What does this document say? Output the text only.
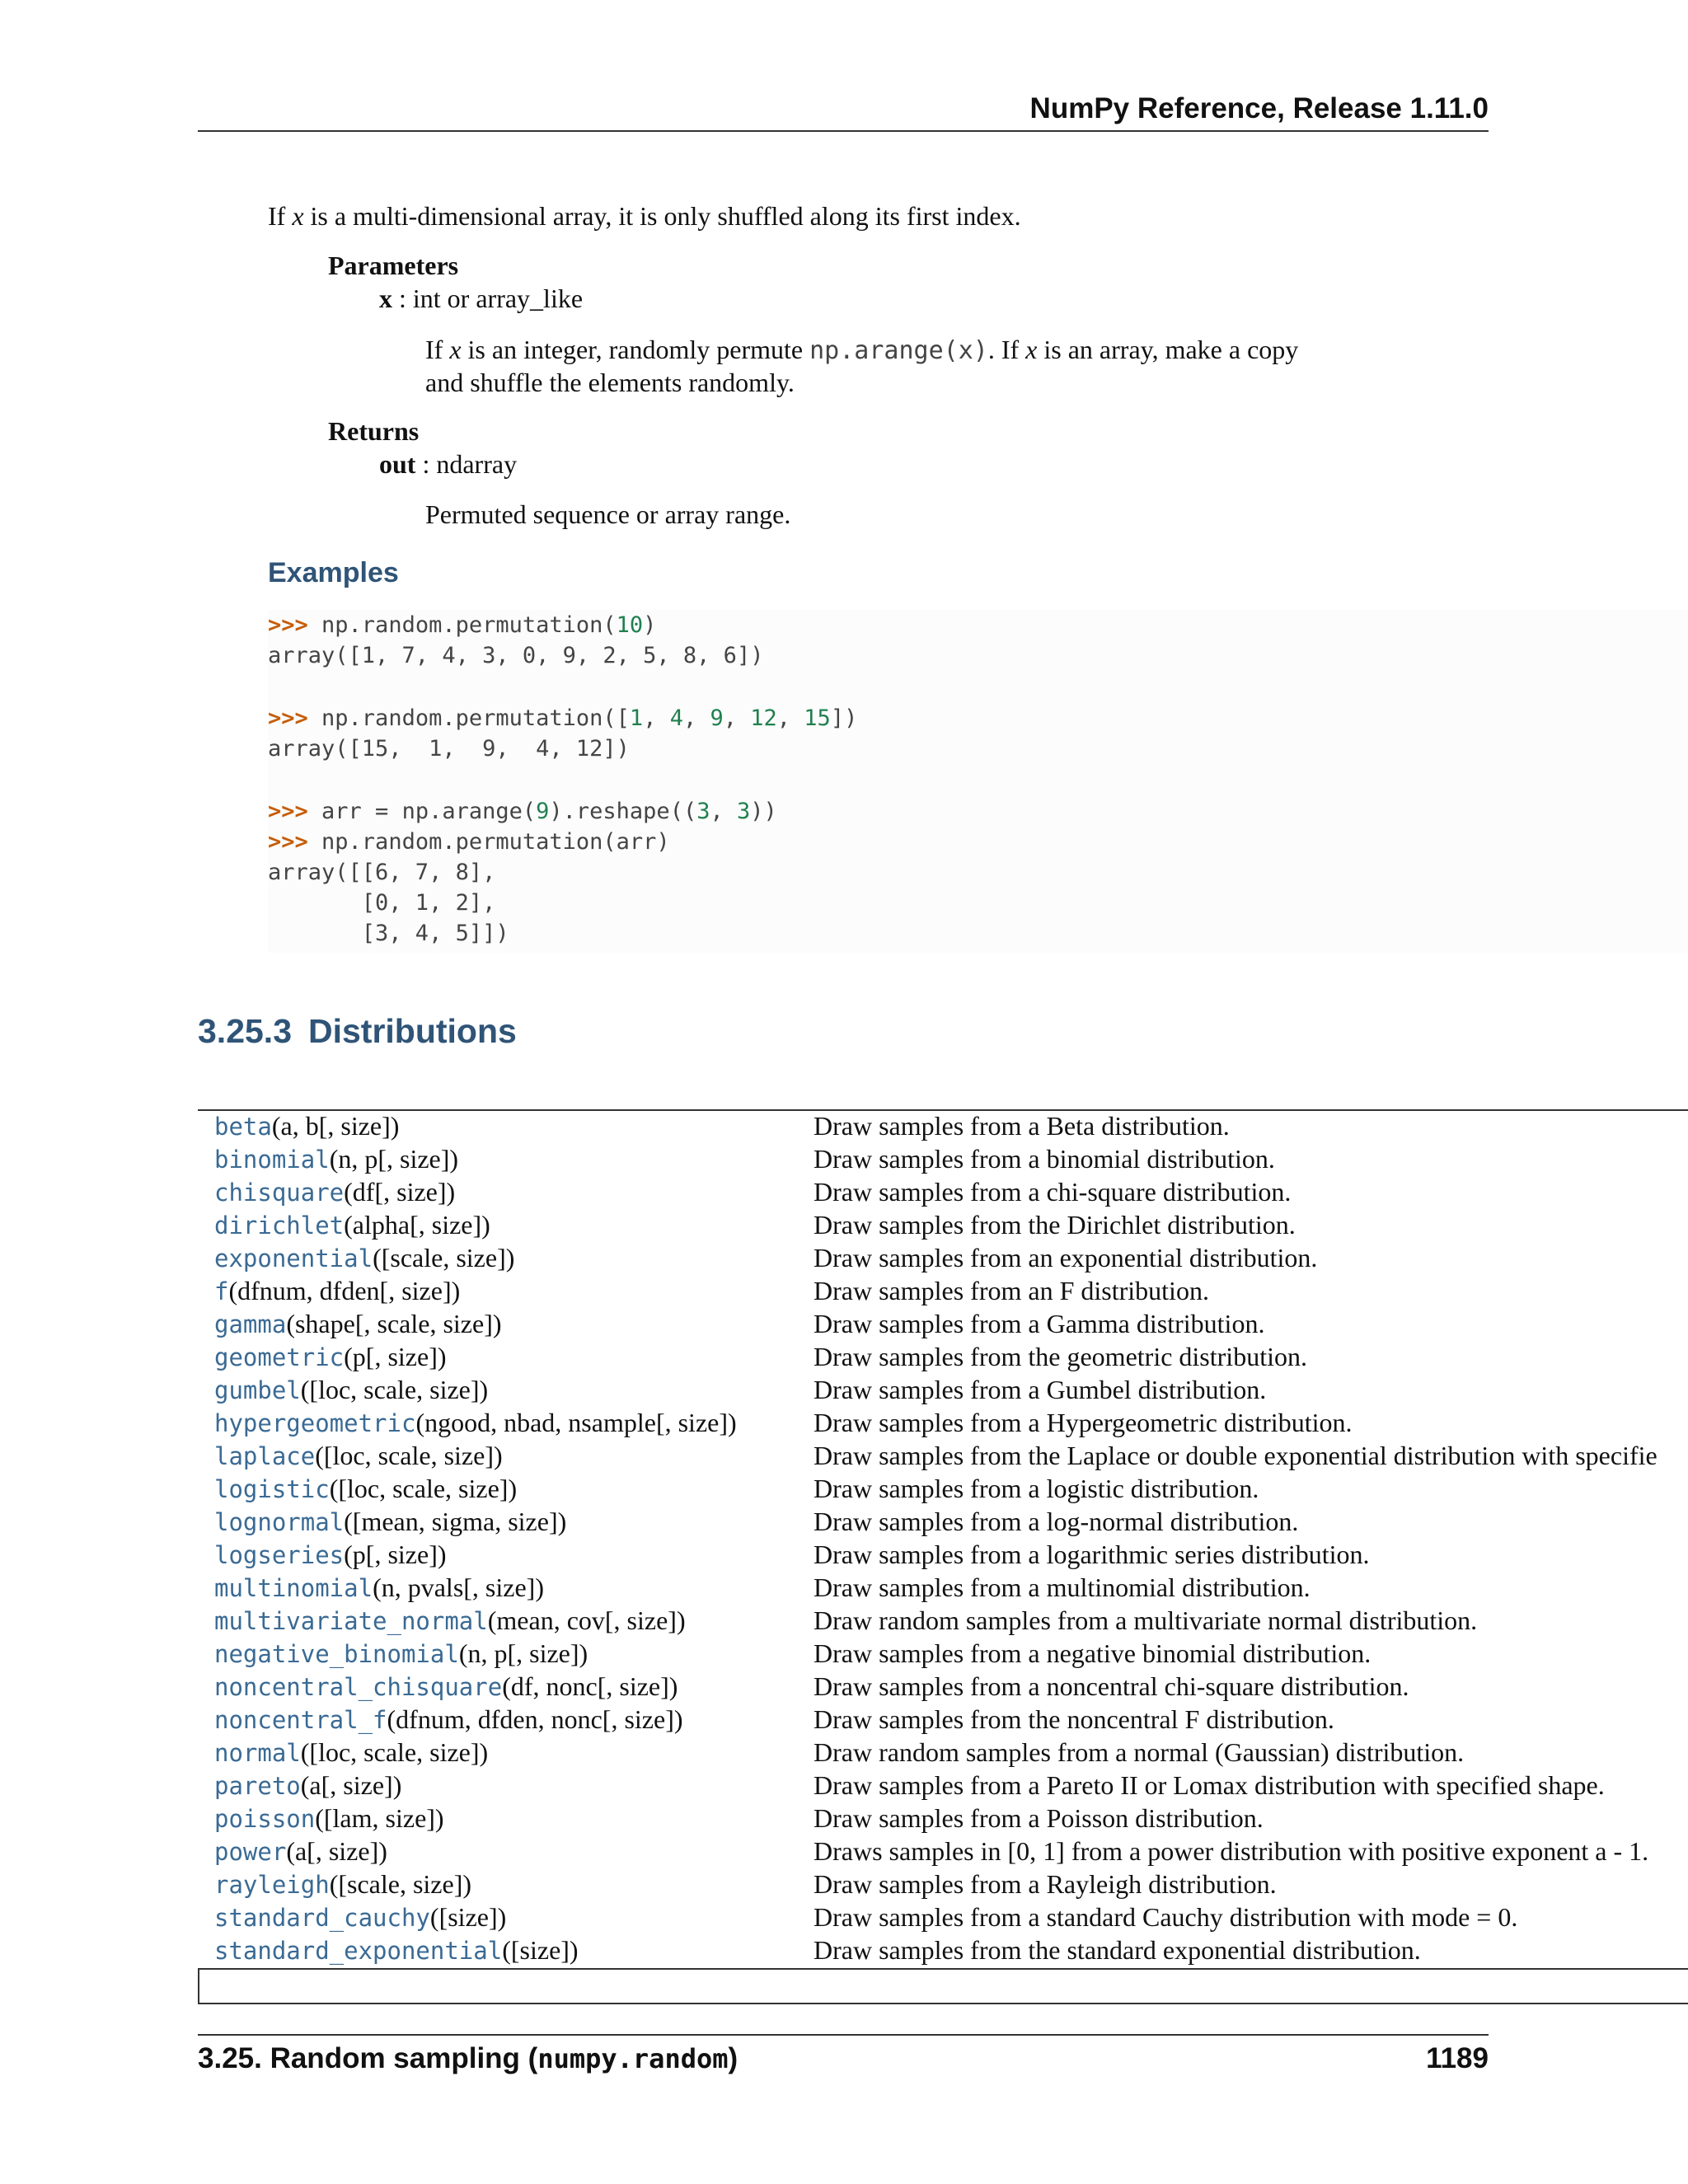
NumPy Reference, Release 1.11.0
If x is a multi-dimensional array, it is only shuffled along its first index.
Parameters
x : int or array_like
If x is an integer, randomly permute np.arange(x). If x is an array, make a copy
and shuffle the elements randomly.
Returns
out : ndarray
Permuted sequence or array range.
Examples

>>> np.random.permutation(10)

array([1, 7, 4, 3, 0, 9, 2, 5, 8, 6])

>>> np.random.permutation([1, 4, 9, 12, 15])

array([15,  1,  9,  4, 12])

>>> arr = np.arange(9).reshape((3, 3))

>>> np.random.permutation(arr)

array([[6, 7, 8],

[0, 1, 2],

[3, 4, 5]])

3.25.3 Distributions
beta(a, b[, size])	Draw samples from a Beta distribution.
binomial(n, p[, size])	Draw samples from a binomial distribution.
chisquare(df[, size])	Draw samples from a chi-square distribution.
dirichlet(alpha[, size])	Draw samples from the Dirichlet distribution.
exponential([scale, size])	Draw samples from an exponential distribution.
f(dfnum, dfden[, size])	Draw samples from an F distribution.
gamma(shape[, scale, size])	Draw samples from a Gamma distribution.
geometric(p[, size])	Draw samples from the geometric distribution.
gumbel([loc, scale, size])	Draw samples from a Gumbel distribution.
hypergeometric(ngood, nbad, nsample[, size])	Draw samples from a Hypergeometric distribution.
laplace([loc, scale, size])	Draw samples from the Laplace or double exponential distribution with specifie
logistic([loc, scale, size])	Draw samples from a logistic distribution.
lognormal([mean, sigma, size])	Draw samples from a log-normal distribution.
logseries(p[, size])	Draw samples from a logarithmic series distribution.
multinomial(n, pvals[, size])	Draw samples from a multinomial distribution.
multivariate_normal(mean, cov[, size])	Draw random samples from a multivariate normal distribution.
negative_binomial(n, p[, size])	Draw samples from a negative binomial distribution.
noncentral_chisquare(df, nonc[, size])	Draw samples from a noncentral chi-square distribution.
noncentral_f(dfnum, dfden, nonc[, size])	Draw samples from the noncentral F distribution.
normal([loc, scale, size])	Draw random samples from a normal (Gaussian) distribution.
pareto(a[, size])	Draw samples from a Pareto II or Lomax distribution with specified shape.
poisson([lam, size])	Draw samples from a Poisson distribution.
power(a[, size])	Draws samples in [0, 1] from a power distribution with positive exponent a - 1.
rayleigh([scale, size])	Draw samples from a Rayleigh distribution.
standard_cauchy([size])	Draw samples from a standard Cauchy distribution with mode = 0.
standard_exponential([size])	Draw samples from the standard exponential distribution.
3.25. Random sampling (numpy.random)	1189
